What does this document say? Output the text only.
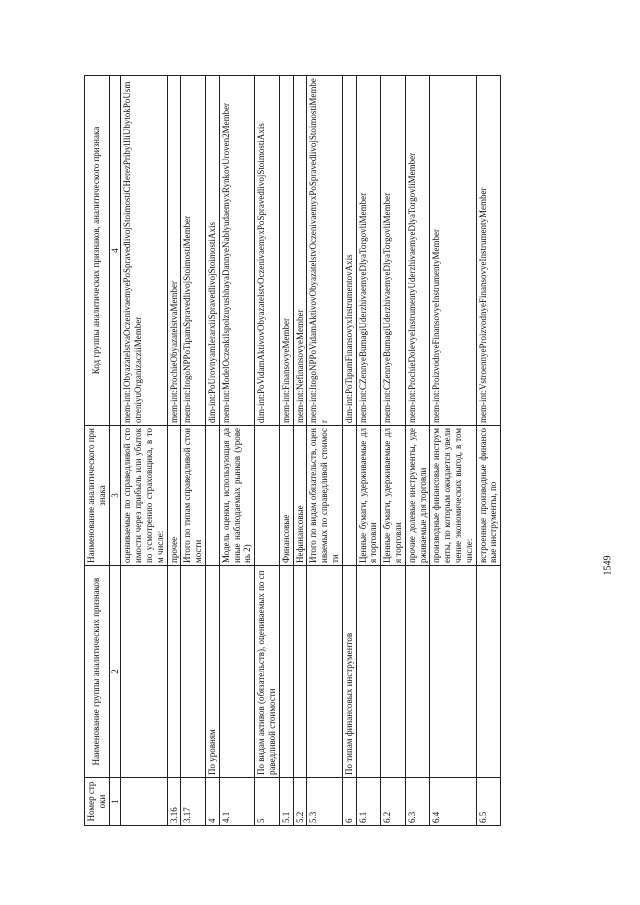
1549
Номер строки	Наименование группы аналитических признаков	Наименование аналитического признака	Код группы аналитических признаков, аналитического признака
1	2	3	4
		оцениваемые по справедливой стоимости через прибыль или убыток по усмотрению страховщика, в том числе:	mem-int:IObyazatelstvaOczenivaemyePoSpravedlivojStoimostiCHerezPribylIliUbytokPoUsmotreniyuOrganizacziiMember
3.16		прочее	mem-int:ProchieObyazatelstvaMember
3.17		Итого по типам справедливой стоимости	mem-int:ItogoNPPoTipamSpravedlivojStoimostiMember
4	По уровням		dim-int:PoUrovnyamIerarxiiSpravedlivojStoimostiAxis
4.1		Модель оценки, использующая данные наблюдаемых рынков (уровень 2)	mem-int:ModelOczenkiIspolzuyushhayaDannyeNablyudaemyxRynkovUroven2Member
5	По видам активов (обязательств), оцениваемых по справедливой стоимости		dim-int:PoVidamAktivovObyazatelstvOczenivaemyxPoSpravedlivojStoimostiAxis
5.1		Финансовые	mem-int:FinansovyeMember
5.2		Нефинансовые	mem-int:NefinansovyeMember
5.3		Итого по видам обязательств, оцениваемых по справедливой стоимости	mem-int:ItogoNPPoVidamAktivovObyazatelstvOczenivaemyxPoSpravedlivojStoimostiMember
6	По типам финансовых инструментов		dim-int:PoTipamFinansovyxInstrumentovAxis
6.1		Ценные бумаги, удерживаемые для торговли	mem-int:CZennyeBumagiUderzhivaemyeDlyaTorgovliMember
6.2		Ценные бумаги, удерживаемые для торговли	mem-int:CZennyeBumagiUderzhivaemyeDlyaTorgovliMember
6.3		прочие долевые инструменты, удерживаемые для торговли	mem-int:ProchieDolevyeInstrumentyUderzhivaemyeDlyaTorgovliMember
6.4		производные финансовые инструменты, по которым ожидается увеличение экономических выгод, в том числе:	mem-int:ProizvodnyeFinansovyeInstrumentyMember
6.5		встроенные производные финансовые инструменты, по	mem-int:VstroennyeProizvodnyeFinansovyeInstrumentyMember
